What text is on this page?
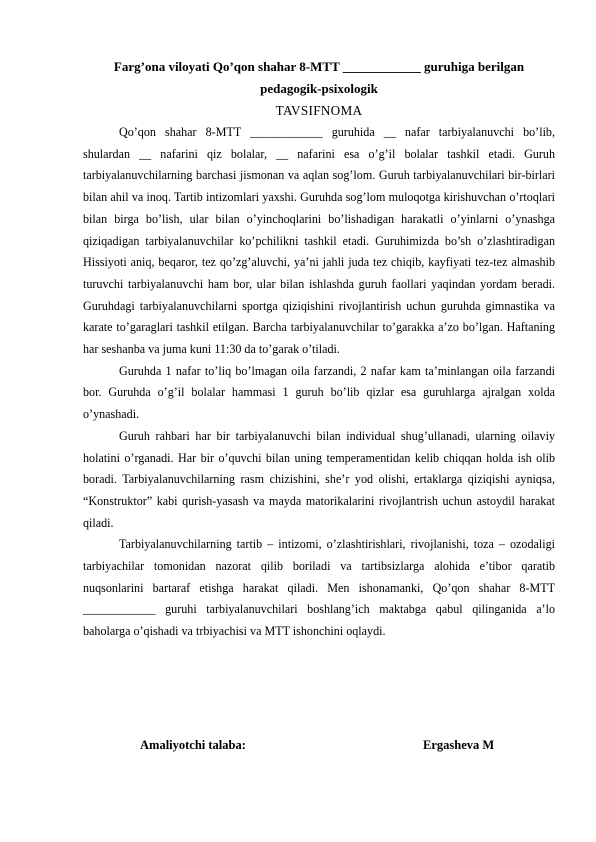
Farg’ona viloyati Qo’qon shahar 8-MTT ____________ guruhiga berilgan

pedagogik-psixologik

TAVSIFNOMA

Qo’qon shahar 8-MTT ____________ guruhida __ nafar tarbiyalanuvchi bo’lib, shulardan __ nafarini qiz bolalar, __ nafarini esa o’g’il bolalar tashkil etadi. Guruh tarbiyalanuvchilarning barchasi jismonan va aqlan sog’lom. Guruh tarbiyalanuvchilari bir-birlari bilan ahil va inoq. Tartib intizomlari yaxshi. Guruhda sog’lom muloqotga kirishuvchan o’rtoqlari bilan birga bo’lish, ular bilan o’yinchoqlarini bo’lishadigan harakatli o’yinlarni o’ynashga qiziqadigan tarbiyalanuvchilar ko’pchilikni tashkil etadi. Guruhimizda bo’sh o’zlashtiradigan Hissiyoti aniq, beqaror, tez qo’zg’aluvchi, ya’ni jahli juda tez chiqib, kayfiyati tez-tez almashib turuvchi tarbiyalanuvchi ham bor, ular bilan ishlashda guruh faollari yaqindan yordam beradi. Guruhdagi tarbiyalanuvchilarni sportga qiziqishini rivojlantirish uchun guruhda gimnastika va karate to’garaglari tashkil etilgan. Barcha tarbiyalanuvchilar to’garakka a’zo bo’lgan. Haftaning har seshanba va juma kuni 11:30 da to’garak o’tiladi.

Guruhda 1 nafar to’liq bo’lmagan oila farzandi, 2 nafar kam ta’minlangan oila farzandi bor. Guruhda o’g’il bolalar hammasi 1 guruh bo’lib qizlar esa guruhlarga ajralgan xolda o’ynashadi.

Guruh rahbari har bir tarbiyalanuvchi bilan individual shug’ullanadi, ularning oilaviy holatini o’rganadi. Har bir o’quvchi bilan uning temperamentidan kelib chiqqan holda ish olib boradi. Tarbiyalanuvchilarning rasm chizishini, she’r yod olishi, ertaklarga qiziqishi ayniqsa, “Konstruktor” kabi qurish-yasash va mayda matorikalarini rivojlantrish uchun astoydil harakat qiladi.

Tarbiyalanuvchilarning tartib – intizomi, o’zlashtirishlari, rivojlanishi, toza – ozodaligi tarbiyachilar tomonidan nazorat qilib boriladi va tartibsizlarga alohida e’tibor qaratib nuqsonlarini bartaraf etishga harakat qiladi. Men ishonamanki, Qo’qon shahar 8-MTT ____________ guruhi tarbiyalanuvchilari boshlang’ich maktabga qabul qilinganida a’lo baholarga o’qishadi va trbiyachisi va MTT ishonchini oqlaydi.

Amaliyotchi talaba:	Ergasheva M
